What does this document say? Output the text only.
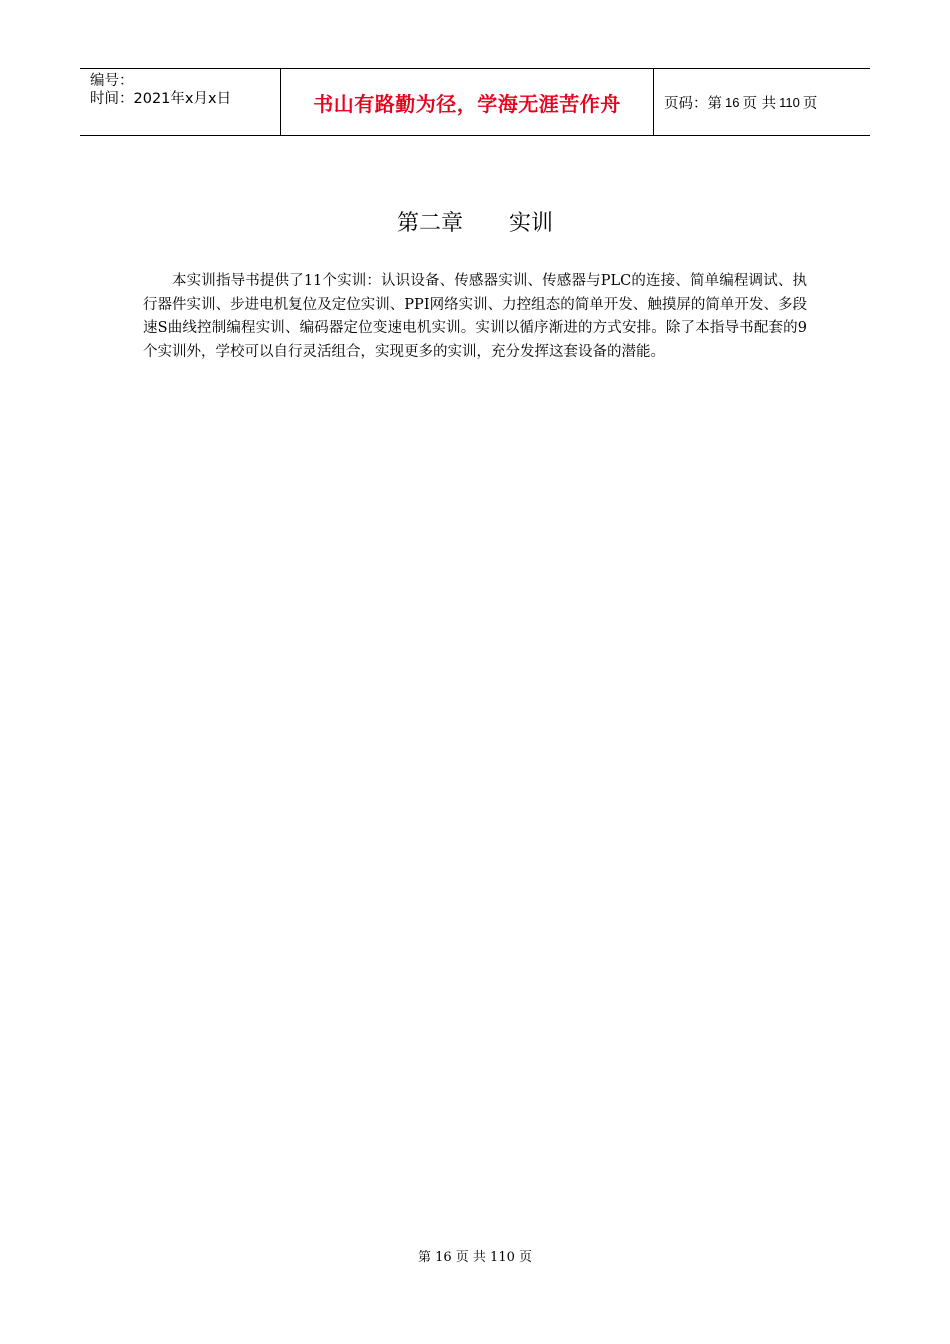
编号：
时间：2021年x月x日	书山有路勤为径，学海无涯苦作舟	页码：第 16 页 共 110 页
第二章 实训

本实训指导书提供了11个实训：认识设备、传感器实训、传感器与PLC的连接、简单编程调试、执行器件实训、步进电机复位及定位实训、PPI网络实训、力控组态的简单开发、触摸屏的简单开发、多段速S曲线控制编程实训、编码器定位变速电机实训。实训以循序渐进的方式安排。除了本指导书配套的9个实训外，学校可以自行灵活组合，实现更多的实训，充分发挥这套设备的潜能。

第 16 页 共 110 页
